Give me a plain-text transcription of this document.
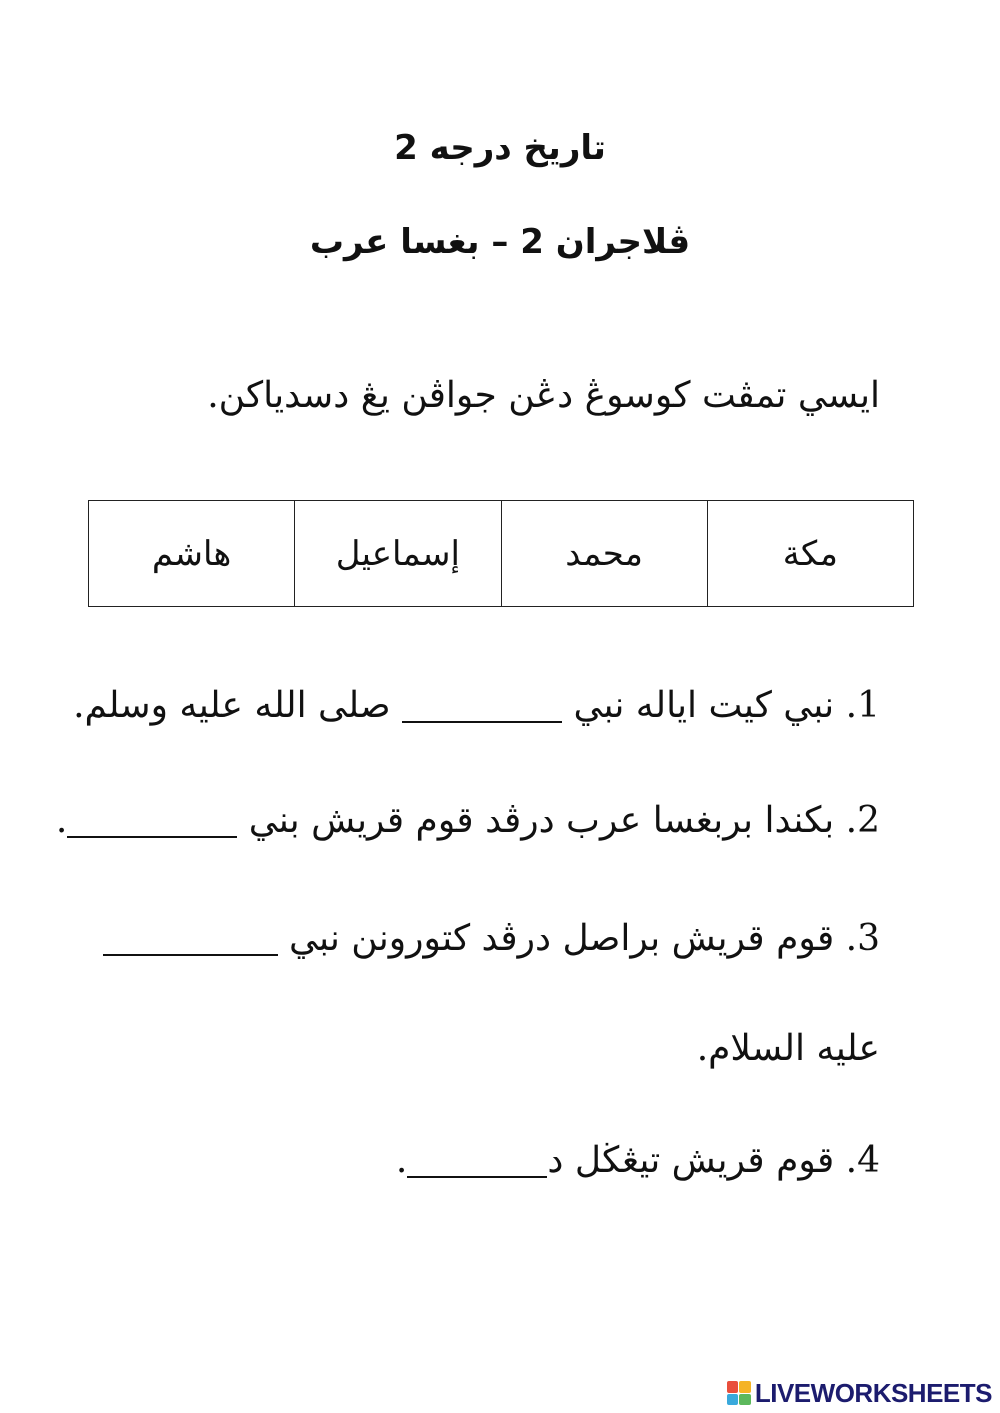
تاريخ درجه 2
ڤلاجران 2 – بغسا عرب
ايسي تمڤت كوسوڠ دڠن جواڤن يڠ دسدياكن.
مكة	محمد	إسماعيل	هاشم
1. نبي كيت اياله نبي  صلى الله عليه وسلم.
2. بكندا بربغسا عرب درڤد قوم قريش بني .
3. قوم قريش براصل درڤد كتورونن نبي
عليه السلام.
4. قوم قريش تيڠڬل د.
LIVEWORKSHEETS
